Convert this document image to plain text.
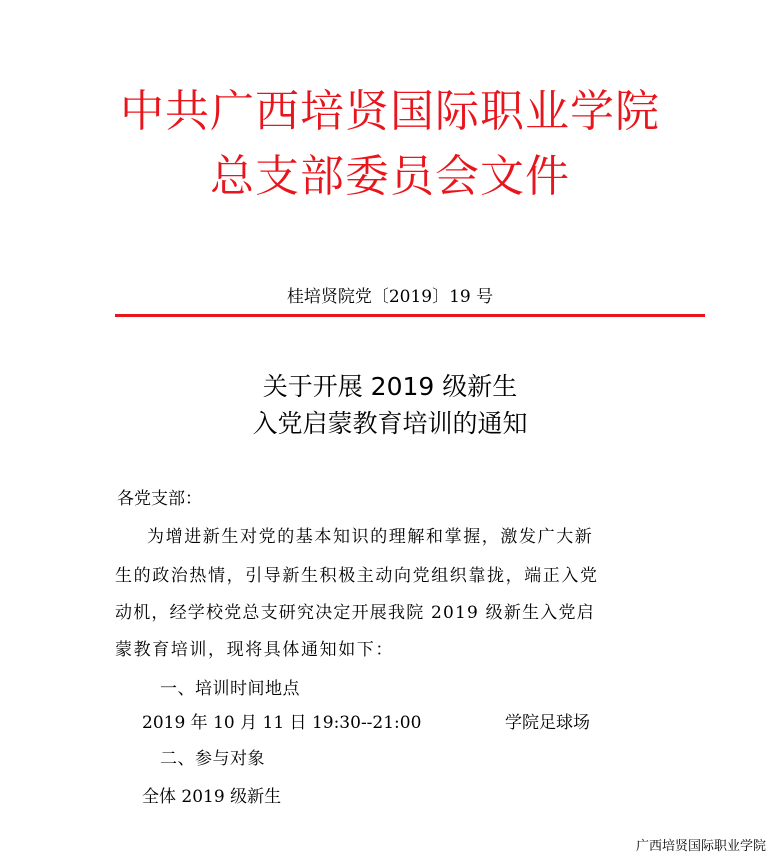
中共广西培贤国际职业学院
总支部委员会文件
桂培贤院党〔2019〕19 号
关于开展 2019 级新生
入党启蒙教育培训的通知
各党支部：
为增进新生对党的基本知识的理解和掌握，激发广大新
生的政治热情，引导新生积极主动向党组织靠拢，端正入党
动机，经学校党总支研究决定开展我院 2019 级新生入党启
蒙教育培训，现将具体通知如下：
一、培训时间地点
2019 年 10 月 11 日 19:30--21:00	学院足球场
二、参与对象
全体 2019 级新生
广西培贤国际职业学院
